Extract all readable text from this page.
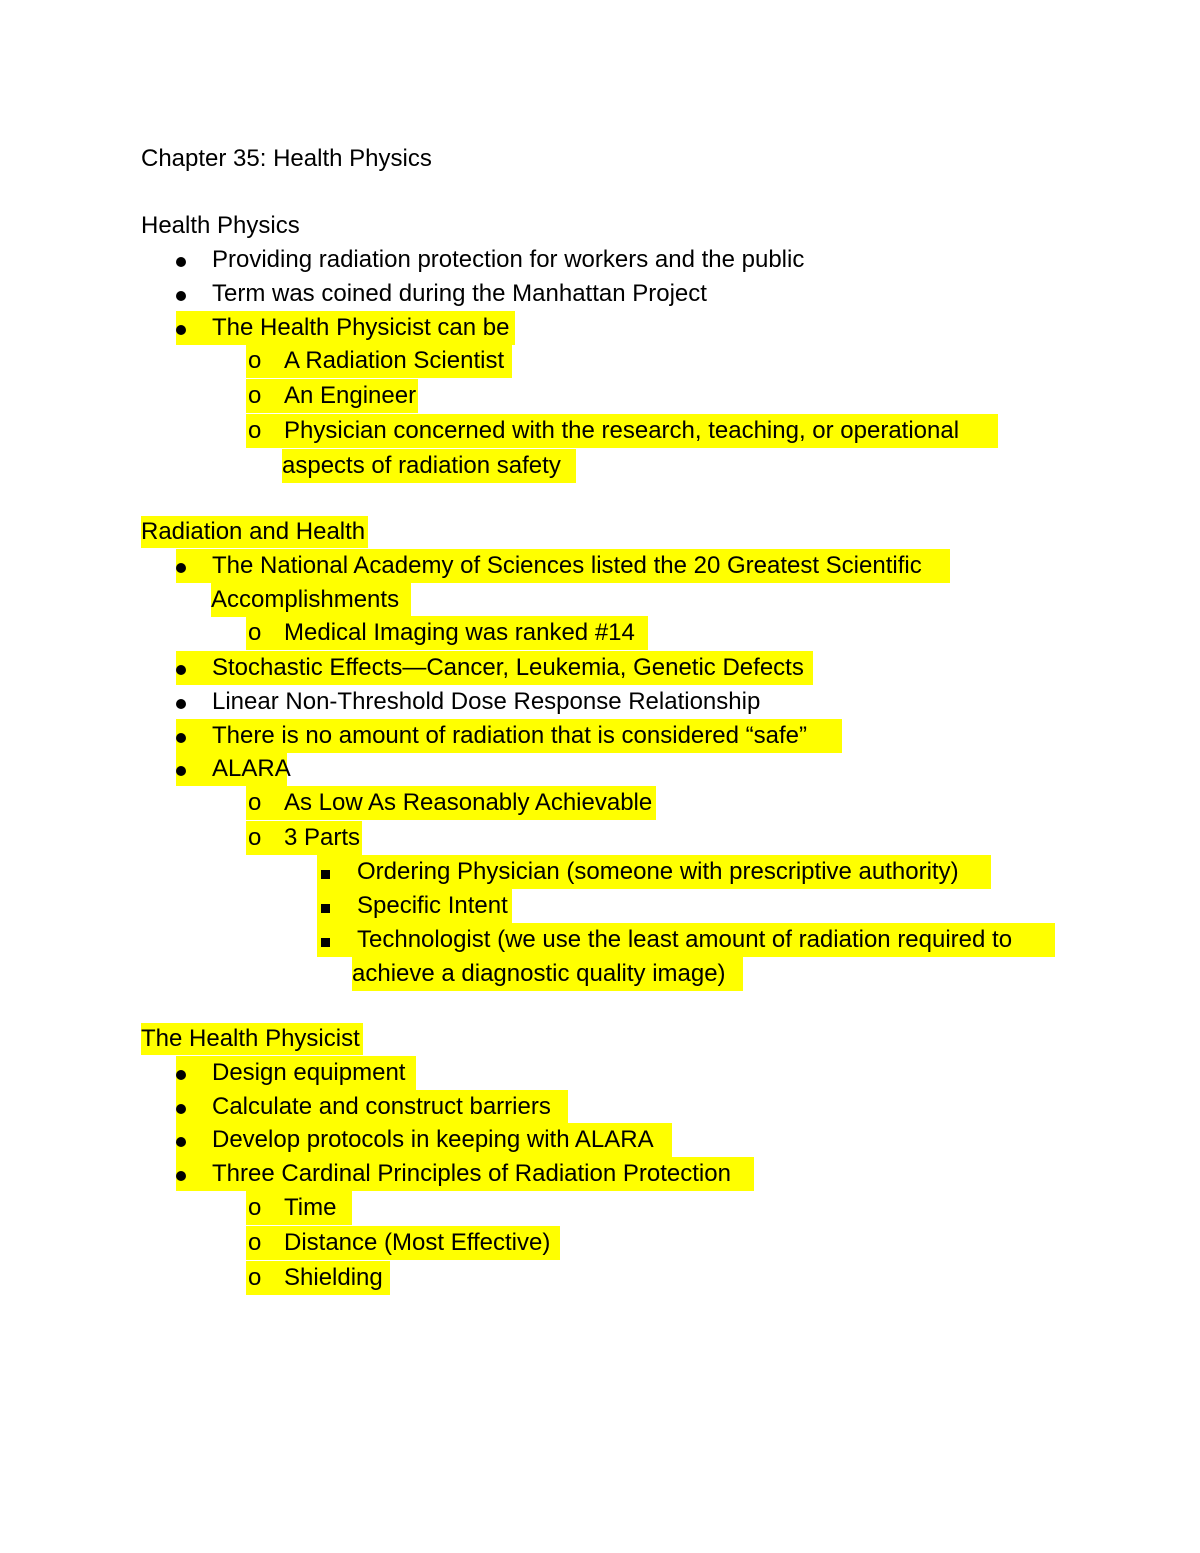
Chapter 35: Health Physics
Health Physics
Providing radiation protection for workers and the public
Term was coined during the Manhattan Project
The Health Physicist can be
o A Radiation Scientist
o An Engineer
o Physician concerned with the research, teaching, or operational
aspects of radiation safety
Radiation and Health
The National Academy of Sciences listed the 20 Greatest Scientific
Accomplishments
o Medical Imaging was ranked #14
Stochastic Effects—Cancer, Leukemia, Genetic Defects
Linear Non-Threshold Dose Response Relationship
There is no amount of radiation that is considered “safe”
ALARA
o As Low As Reasonably Achievable
o 3 Parts
Ordering Physician (someone with prescriptive authority)
Specific Intent
Technologist (we use the least amount of radiation required to
achieve a diagnostic quality image)
The Health Physicist
Design equipment
Calculate and construct barriers
Develop protocols in keeping with ALARA
Three Cardinal Principles of Radiation Protection
o Time
o Distance (Most Effective)
o Shielding
